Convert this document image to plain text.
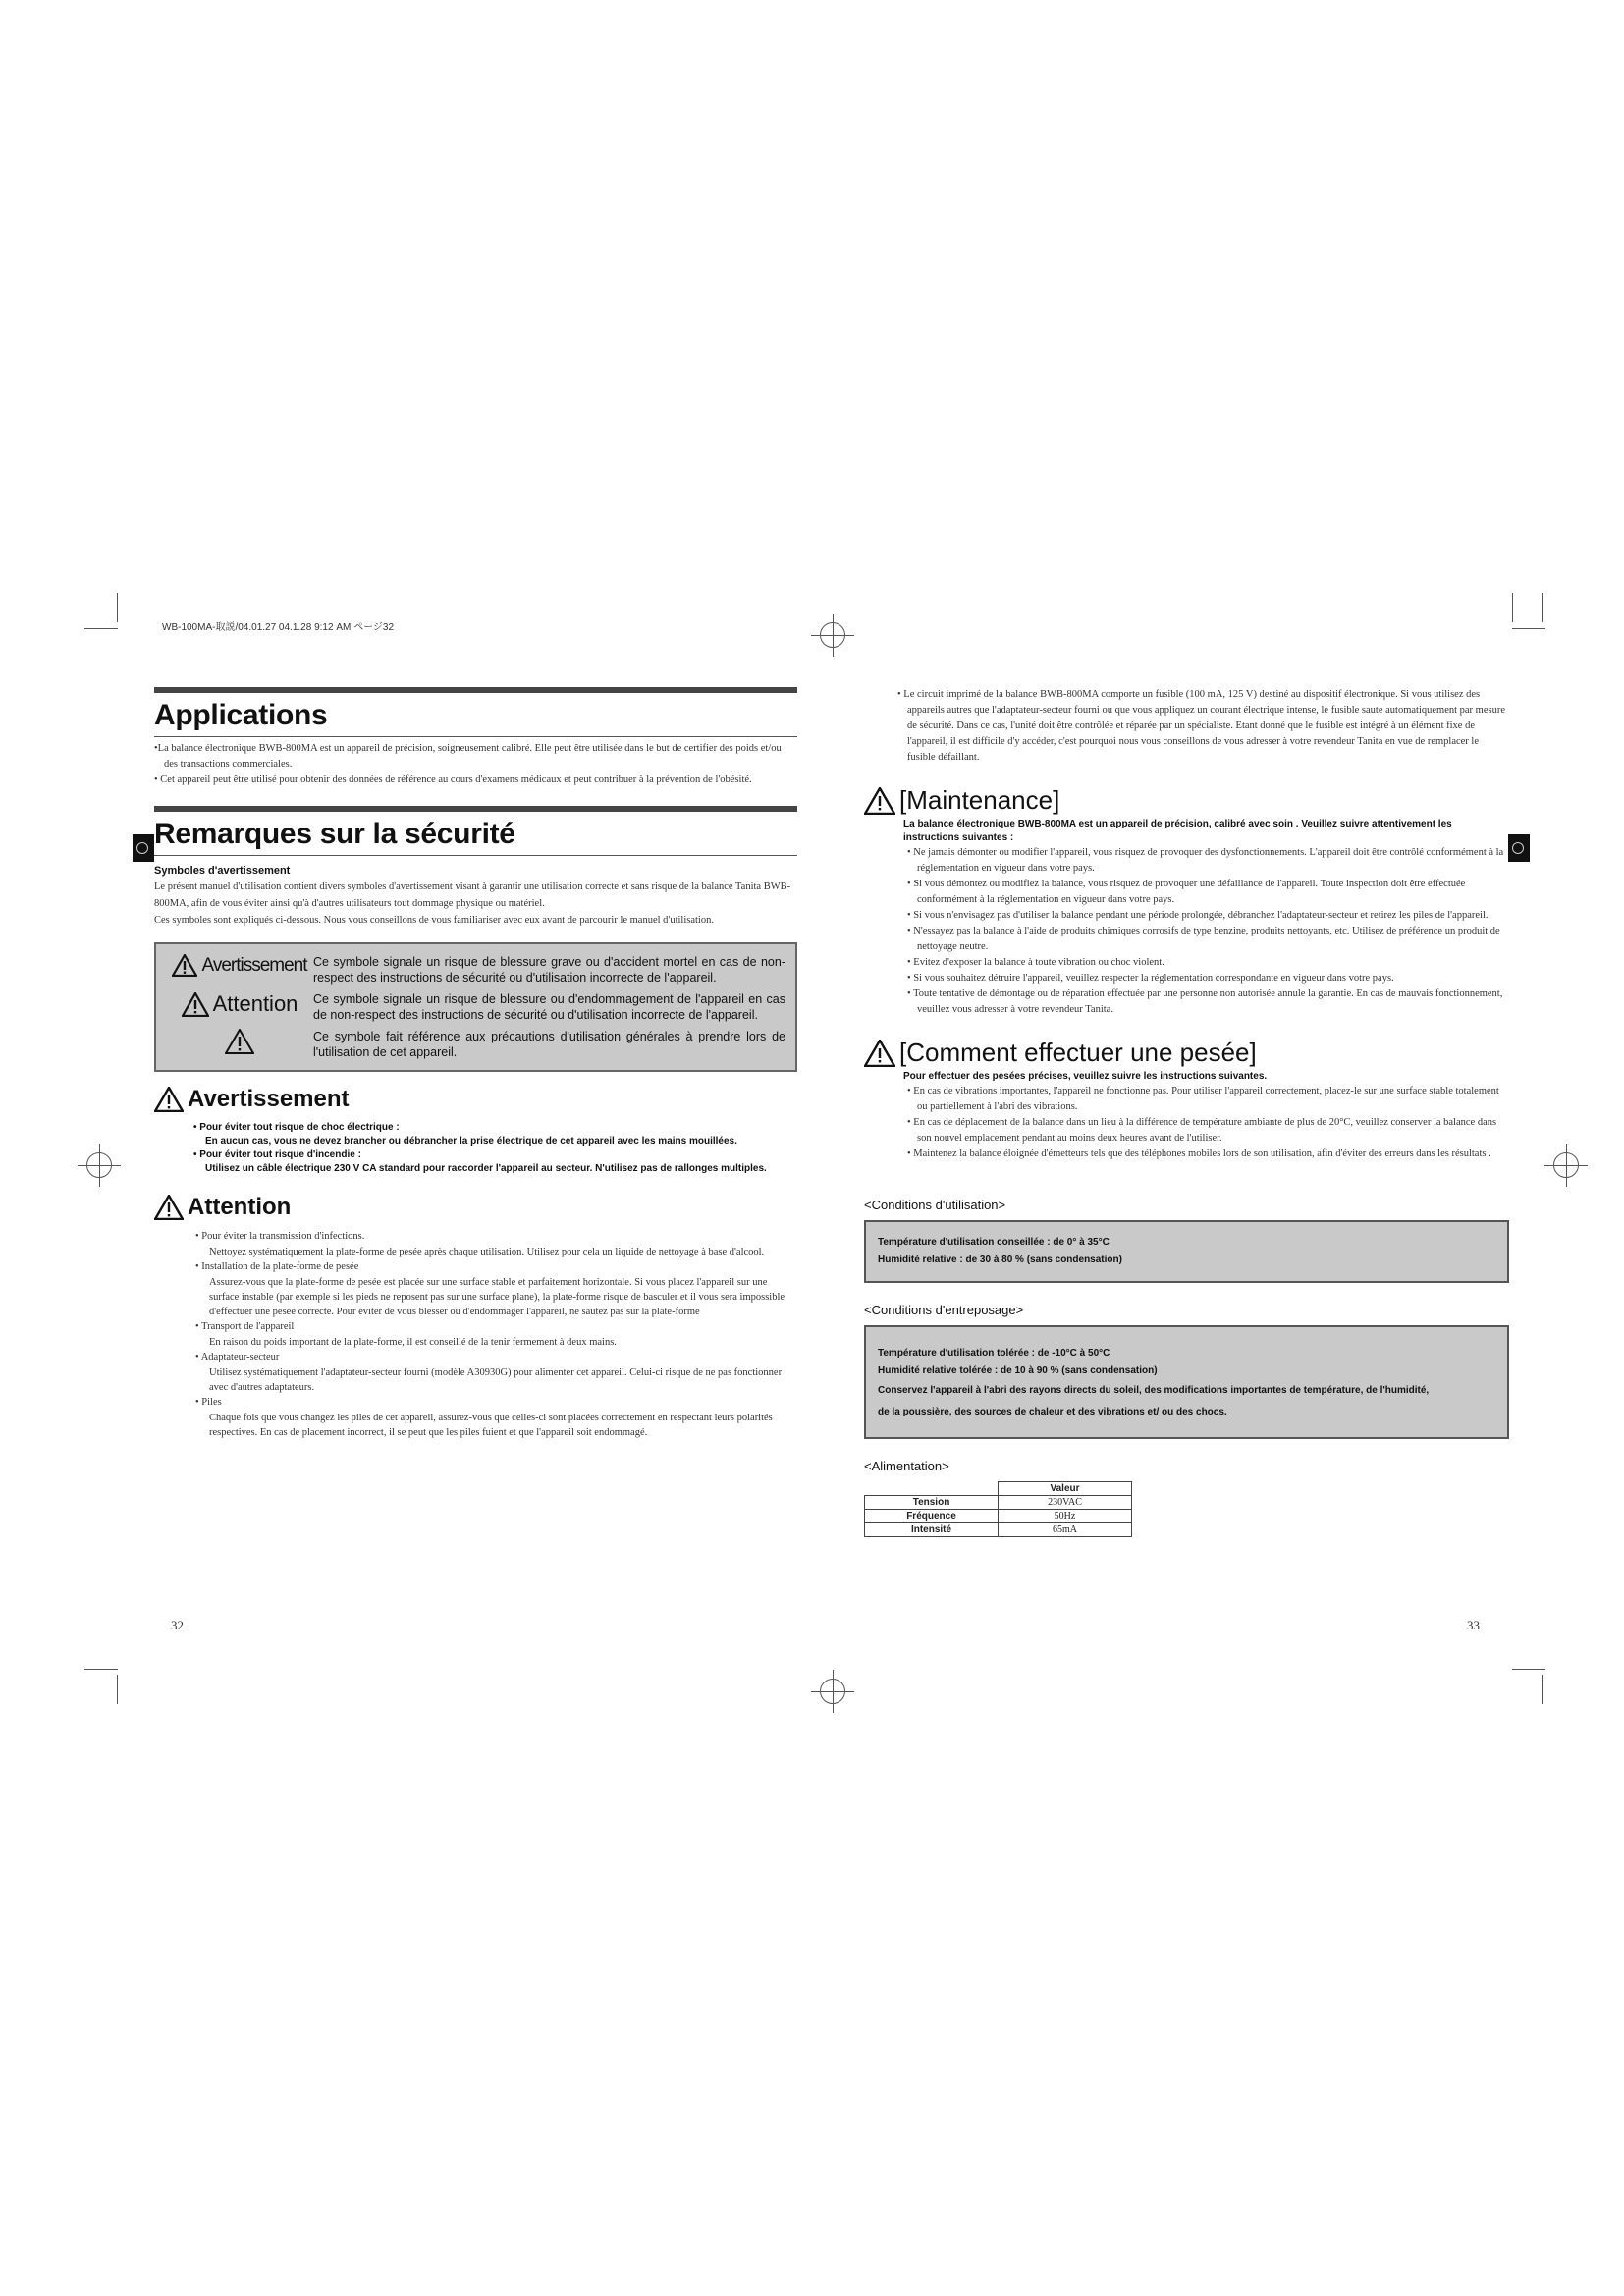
WB-100MA-取説/04.01.27 04.1.28 9:12 AM ページ32
Applications
•La balance électronique BWB-800MA est un appareil de précision, soigneusement calibré. Elle peut être utilisée dans le but de certifier des poids et/ou des transactions commerciales.
• Cet appareil peut être utilisé pour obtenir des données de référence au cours d'examens médicaux et peut contribuer à la prévention de l'obésité.
Remarques sur la sécurité
Symboles d'avertissement
Le présent manuel d'utilisation contient divers symboles d'avertissement visant à garantir une utilisation correcte et sans risque de la balance Tanita BWB-800MA, afin de vous éviter ainsi qu'à d'autres utilisateurs tout dommage physique ou matériel.
Ces symboles sont expliqués ci-dessous. Nous vous conseillons de vous familiariser avec eux avant de parcourir le manuel d'utilisation.
Avertissement Ce symbole signale un risque de blessure grave ou d'accident mortel en cas de non-respect des instructions de sécurité ou d'utilisation incorrecte de l'appareil.
Attention Ce symbole signale un risque de blessure ou d'endommagement de l'appareil en cas de non-respect des instructions de sécurité ou d'utilisation incorrecte de l'appareil.
Ce symbole fait référence aux précautions d'utilisation générales à prendre lors de l'utilisation de cet appareil.
Avertissement
• Pour éviter tout risque de choc électrique :
En aucun cas, vous ne devez brancher ou débrancher la prise électrique de cet appareil avec les mains mouillées.
• Pour éviter tout risque d'incendie :
Utilisez un câble électrique 230 V CA standard pour raccorder l'appareil au secteur. N'utilisez pas de rallonges multiples.
Attention
• Pour éviter la transmission d'infections.
Nettoyez systématiquement la plate-forme de pesée après chaque utilisation. Utilisez pour cela un liquide de nettoyage à base d'alcool.
• Installation de la plate-forme de pesée
Assurez-vous que la plate-forme de pesée est placée sur une surface stable et parfaitement horizontale. Si vous placez l'appareil sur une surface instable (par exemple si les pieds ne reposent pas sur une surface plane), la plate-forme risque de basculer et il vous sera impossible d'effectuer une pesée correcte. Pour éviter de vous blesser ou d'endommager l'appareil, ne sautez pas sur la plate-forme
• Transport de l'appareil
En raison du poids important de la plate-forme, il est conseillé de la tenir fermement à deux mains.
• Adaptateur-secteur
Utilisez systématiquement l'adaptateur-secteur fourni (modèle A30930G) pour alimenter cet appareil. Celui-ci risque de ne pas fonctionner avec d'autres adaptateurs.
• Piles
Chaque fois que vous changez les piles de cet appareil, assurez-vous que celles-ci sont placées correctement en respectant leurs polarités respectives. En cas de placement incorrect, il se peut que les piles fuient et que l'appareil soit endommagé.
32
• Le circuit imprimé de la balance BWB-800MA comporte un fusible (100 mA, 125 V) destiné au dispositif électronique. Si vous utilisez des appareils autres que l'adaptateur-secteur fourni ou que vous appliquez un courant électrique intense, le fusible saute automatiquement par mesure de sécurité. Dans ce cas, l'unité doit être contrôlée et réparée par un spécialiste. Etant donné que le fusible est intégré à un élément fixe de l'appareil, il est difficile d'y accéder, c'est pourquoi nous vous conseillons de vous adresser à votre revendeur Tanita en vue de remplacer le fusible défaillant.
[Maintenance]
La balance électronique BWB-800MA est un appareil de précision, calibré avec soin . Veuillez suivre attentivement les instructions suivantes :
• Ne jamais démonter ou modifier l'appareil, vous risquez de provoquer des dysfonctionnements. L'appareil doit être contrôlé conformément à la réglementation en vigueur dans votre pays.
• Si vous démontez ou modifiez la balance, vous risquez de provoquer une défaillance de l'appareil. Toute inspection doit être effectuée conformément à la réglementation en vigueur dans votre pays.
• Si vous n'envisagez pas d'utiliser la balance pendant une période prolongée, débranchez l'adaptateur-secteur et retirez les piles de l'appareil.
• N'essayez pas la balance à l'aide de produits chimiques corrosifs de type benzine, produits nettoyants, etc. Utilisez de préférence un produit de nettoyage neutre.
• Evitez d'exposer la balance à toute vibration ou choc violent.
• Si vous souhaitez détruire l'appareil, veuillez respecter la réglementation correspondante en vigueur dans votre pays.
• Toute tentative de démontage ou de réparation effectuée par une personne non autorisée annule la garantie. En cas de mauvais fonctionnement, veuillez vous adresser à votre revendeur Tanita.
[Comment effectuer une pesée]
Pour effectuer des pesées précises, veuillez suivre les instructions suivantes.
• En cas de vibrations importantes, l'appareil ne fonctionne pas. Pour utiliser l'appareil correctement, placez-le sur une surface stable totalement ou partiellement à l'abri des vibrations.
• En cas de déplacement de la balance dans un lieu à la différence de température ambiante de plus de 20°C, veuillez conserver la balance dans son nouvel emplacement pendant au moins deux heures avant de l'utiliser.
• Maintenez la balance éloignée d'émetteurs tels que des téléphones mobiles lors de son utilisation, afin d'éviter des erreurs dans les résultats .
<Conditions d'utilisation>
Température d'utilisation conseillée : de 0° à 35°C
Humidité relative : de 30 à 80 % (sans condensation)
<Conditions d'entreposage>
Température d'utilisation tolérée : de -10°C à 50°C
Humidité relative tolérée : de 10 à 90 % (sans condensation)
Conservez l'appareil à l'abri des rayons directs du soleil, des modifications importantes de température, de l'humidité,
de la poussière, des sources de chaleur et des vibrations et/ ou des chocs.
<Alimentation>
	Valeur
Tension	230VAC
Fréquence	50Hz
Intensité	65mA
33
